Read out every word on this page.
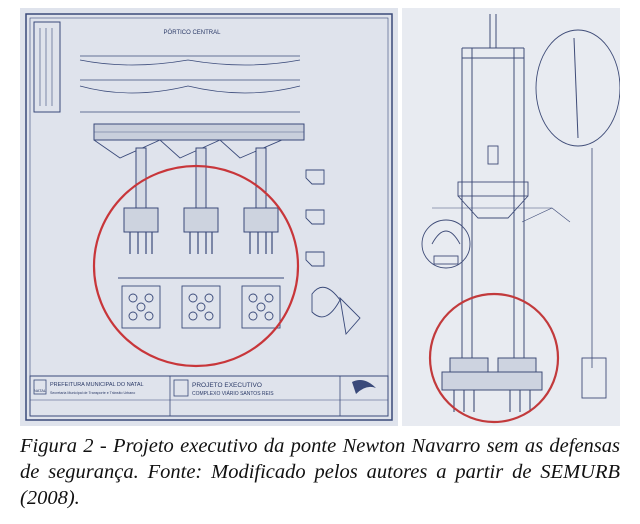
PÓRTICO CENTRAL
NATAL
PREFEITURA MUNICIPAL DO NATAL
Secretaria Municipal de Transporte e Trânsito Urbano
PROJETO EXECUTIVO
COMPLEXO VIÁRIO SANTOS REIS
Figura 2 - Projeto executivo da ponte Newton Navarro sem as defensas de segurança. Fonte: Modificado pelos autores a partir de SEMURB (2008).
